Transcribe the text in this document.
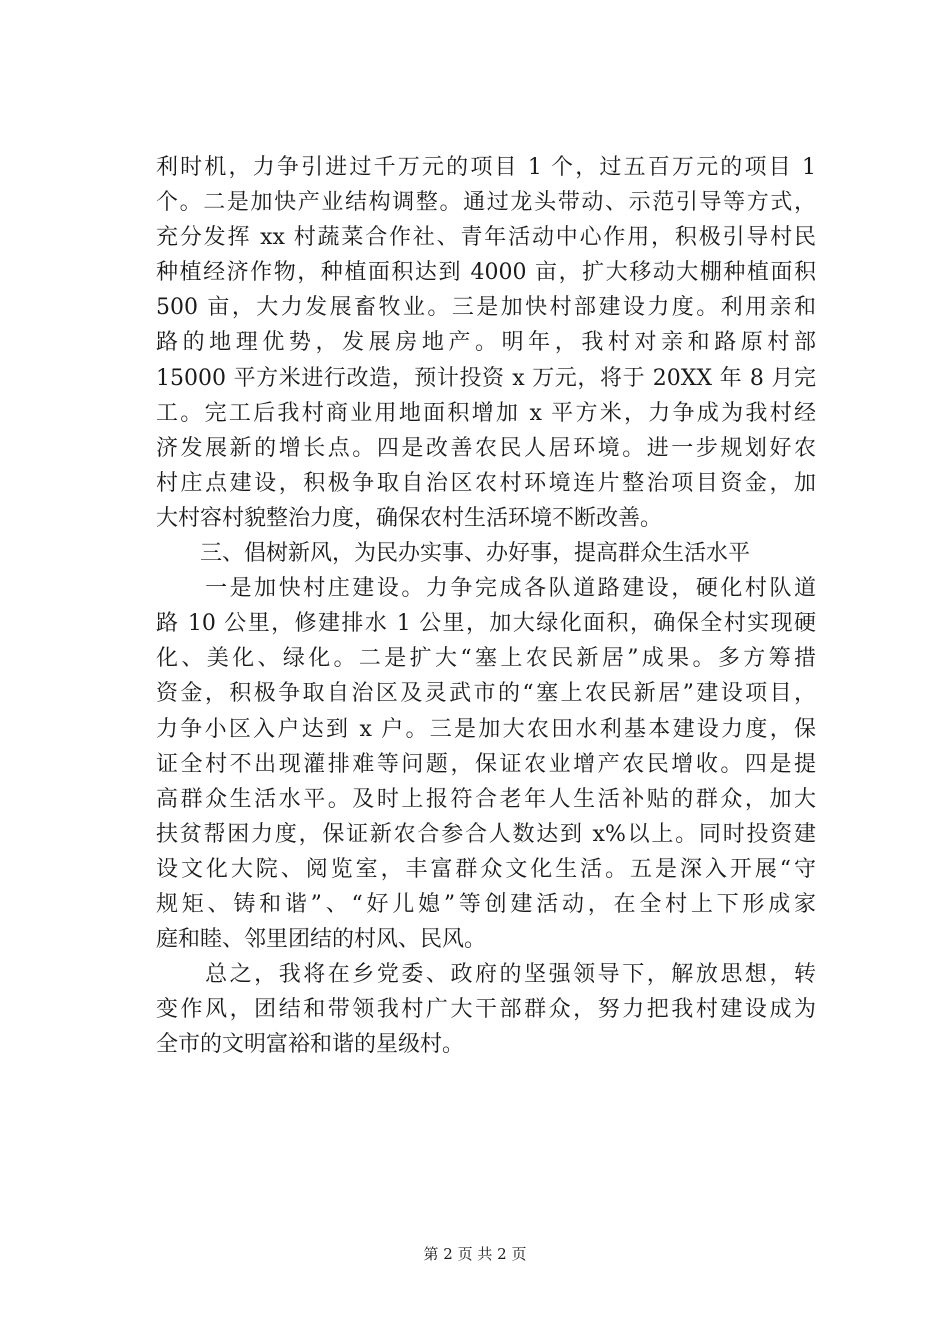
利时机，力争引进过千万元的项目 1 个，过五百万元的项目 1
个。二是加快产业结构调整。通过龙头带动、示范引导等方式，
充分发挥 xx 村蔬菜合作社、青年活动中心作用，积极引导村民
种植经济作物，种植面积达到 4000 亩，扩大移动大棚种植面积
500 亩，大力发展畜牧业。三是加快村部建设力度。利用亲和
路的地理优势，发展房地产。明年，我村对亲和路原村部
15000 平方米进行改造，预计投资 x 万元，将于 20XX 年 8 月完
工。完工后我村商业用地面积增加 x 平方米，力争成为我村经
济发展新的增长点。四是改善农民人居环境。进一步规划好农
村庄点建设，积极争取自治区农村环境连片整治项目资金，加
大村容村貌整治力度，确保农村生活环境不断改善。
　　三、倡树新风，为民办实事、办好事，提高群众生活水平
　　一是加快村庄建设。力争完成各队道路建设，硬化村队道
路 10 公里，修建排水 1 公里，加大绿化面积，确保全村实现硬
化、美化、绿化。二是扩大“塞上农民新居”成果。多方筹措
资金，积极争取自治区及灵武市的“塞上农民新居”建设项目，
力争小区入户达到 x 户。三是加大农田水利基本建设力度，保
证全村不出现灌排难等问题，保证农业增产农民增收。四是提
高群众生活水平。及时上报符合老年人生活补贴的群众，加大
扶贫帮困力度，保证新农合参合人数达到 x%以上。同时投资建
设文化大院、阅览室，丰富群众文化生活。五是深入开展“守
规矩、铸和谐”、“好儿媳”等创建活动，在全村上下形成家
庭和睦、邻里团结的村风、民风。
　　总之，我将在乡党委、政府的坚强领导下，解放思想，转
变作风，团结和带领我村广大干部群众，努力把我村建设成为
全市的文明富裕和谐的星级村。
第 2 页 共 2 页
